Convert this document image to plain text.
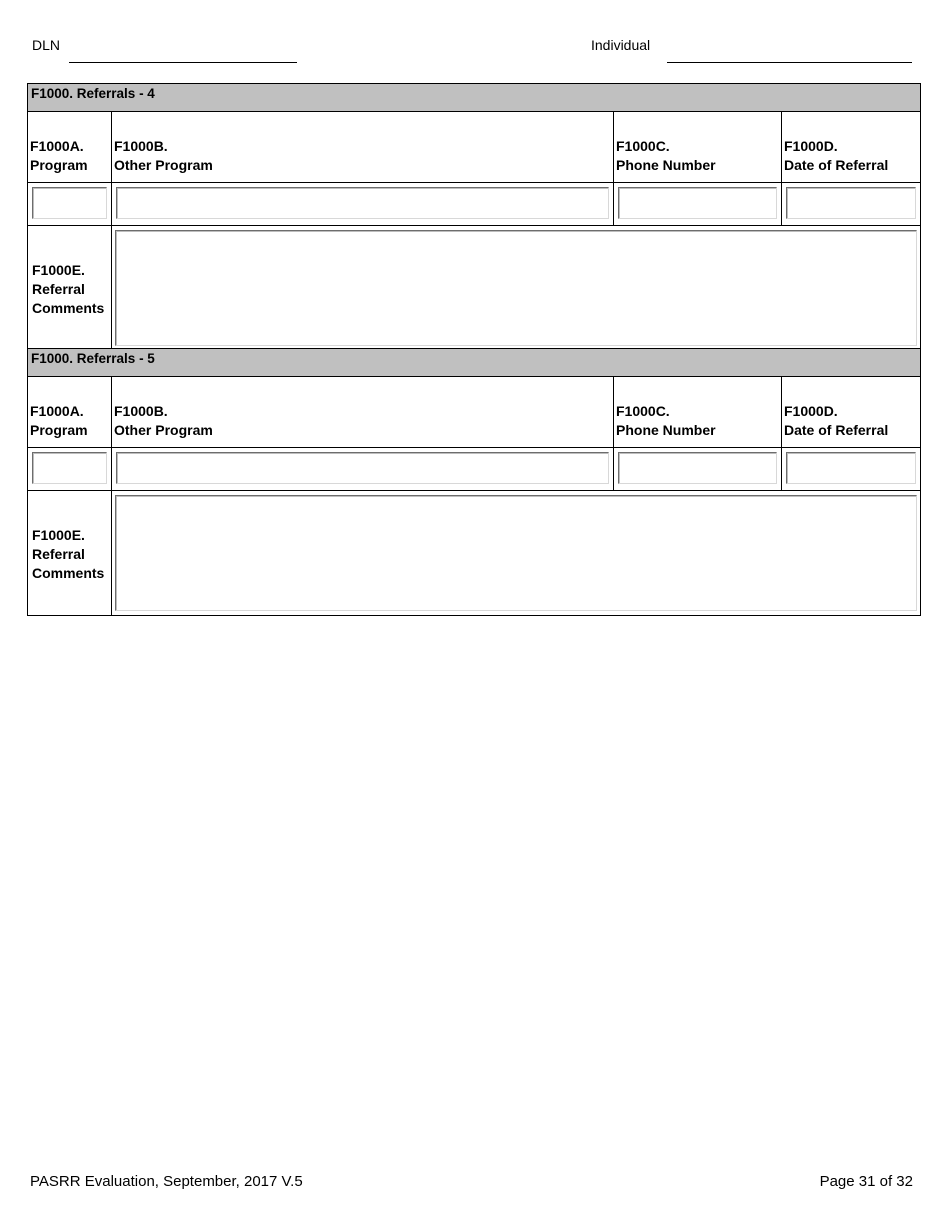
DLN	Individual
F1000. Referrals - 4
F1000A.
Program
F1000B.
Other Program
F1000C.
Phone Number
F1000D.
Date of Referral
F1000E.
Referral
Comments
F1000. Referrals - 5
F1000A.
Program
F1000B.
Other Program
F1000C.
Phone Number
F1000D.
Date of Referral
F1000E.
Referral
Comments
PASRR Evaluation, September, 2017 V.5	Page 31 of 32
